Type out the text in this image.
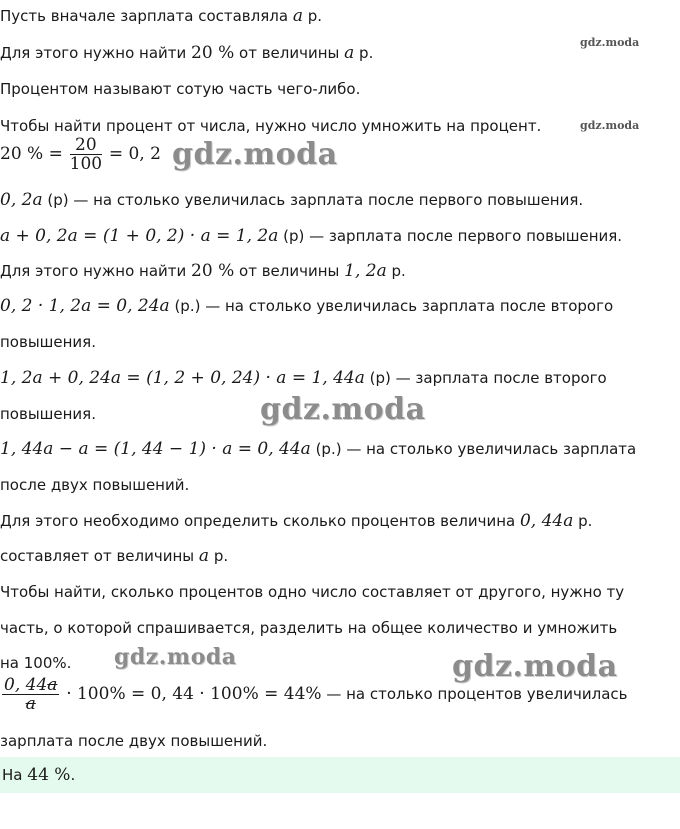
Пусть вначале зарплата составляла a р.
Для этого нужно найти 20 % от величины a р.
gdz.moda
Процентом называют сотую часть чего-либо.
Чтобы найти процент от числа, нужно число умножить на процент.	gdz.moda
20 % = $\frac{20}{100} = 0$, 2 gdz.moda
0, 2a (р) — на столько увеличилась зарплата после первого повышения.
a + 0, 2a = (1 + 0, 2) · a = 1, 2a (р) — зарплата после первого повышения.
Для этого нужно найти 20 % от величины 1, 2a р.
0, 2 · 1, 2a = 0, 24a (р.) — на столько увеличилась зарплата после второго
повышения.
1, 2a + 0, 24a = (1, 2 + 0, 24) · a = 1, 44a (р) — зарплата после второго
повышения.	gdz.moda
1, 44a − a = (1, 44 − 1) · a = 0, 44a (р.) — на столько увеличилась зарплата
после двух повышений.
Для этого необходимо определить сколько процентов величина 0, 44a р.
составляет от величины a р.
Чтобы найти, сколько процентов одно число составляет от другого, нужно ту
часть, о которой спрашивается, разделить на общее количество и умножить
на 100%. gdz.moda	gdz.moda
$\frac{0, 44a}{a} \cdot 100\% = 0$, 44 · 100% = 44% — на столько процентов увеличилась
зарплата после двух повышений.
На 44 %.
